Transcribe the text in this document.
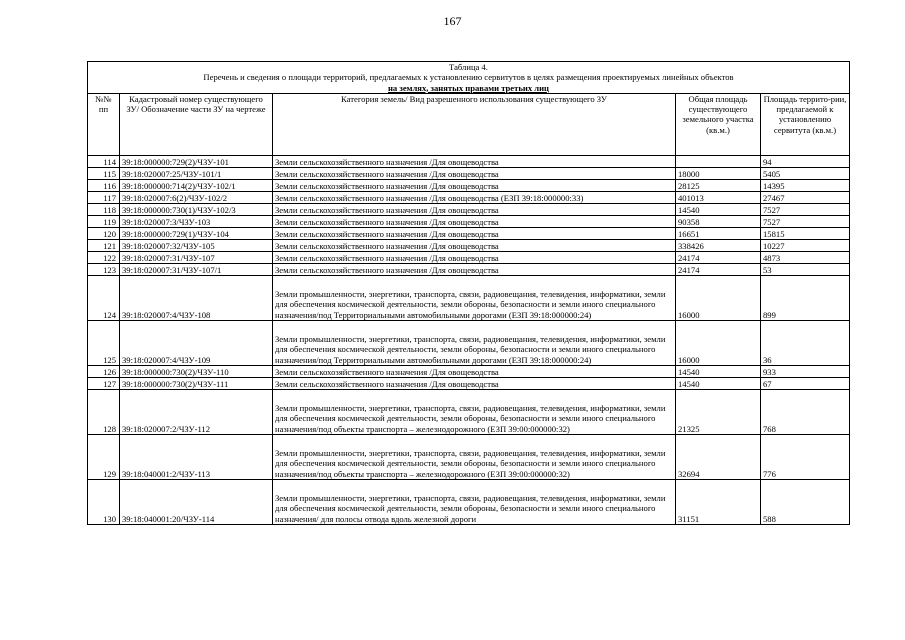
167
Таблица 4.
Перечень и сведения о площади территорий, предлагаемых к установлению сервитутов в целях размещения проектируемых линейных объектов
на землях, занятых правами третьих лиц				

№№ пп	Кадастровый номер существующего ЗУ/ Обозначение части ЗУ на чертеже	Категория земель/ Вид разрешенного использования существующего ЗУ	Общая площадь существующего земельного участка (кв.м.)	Площадь террито-рии, предлагаемой к установлению сервитута (кв.м.)
114	39:18:000000:729(2)/ЧЗУ-101	Земли сельскохозяйственного назначения /Для овощеводства		94
115	39:18:020007:25/ЧЗУ-101/1	Земли сельскохозяйственного назначения /Для овощеводства	18000	5405
116	39:18:000000:714(2)/ЧЗУ-102/1	Земли сельскохозяйственного назначения /Для овощеводства	28125	14395
117	39:18:020007:6(2)/ЧЗУ-102/2	Земли сельскохозяйственного назначения /Для овощеводства (ЕЗП 39:18:000000:33)	401013	27467
118	39:18:000000:730(1)/ЧЗУ-102/3	Земли сельскохозяйственного назначения /Для овощеводства	14540	7527
119	39:18:020007:3/ЧЗУ-103	Земли сельскохозяйственного назначения /Для овощеводства	90358	7527
120	39:18:000000:729(1)/ЧЗУ-104	Земли сельскохозяйственного назначения /Для овощеводства	16651	15815
121	39:18:020007:32/ЧЗУ-105	Земли сельскохозяйственного назначения /Для овощеводства	338426	10227
122	39:18:020007:31/ЧЗУ-107	Земли сельскохозяйственного назначения /Для овощеводства	24174	4873
123	39:18:020007:31/ЧЗУ-107/1	Земли сельскохозяйственного назначения /Для овощеводства	24174	53
124	39:18:020007:4/ЧЗУ-108	Земли промышленности, энергетики, транспорта, связи, радиовещания, телевидения, информатики, земли для обеспечения космической деятельности, земли обороны, безопасности и земли иного специального назначения/под Территориальными автомобильными дорогами (ЕЗП 39:18:000000:24)	16000	899
125	39:18:020007:4/ЧЗУ-109	Земли промышленности, энергетики, транспорта, связи, радиовещания, телевидения, информатики, земли для обеспечения космической деятельности, земли обороны, безопасности и земли иного специального назначения/под Территориальными автомобильными дорогами (ЕЗП 39:18:000000:24)	16000	36
126	39:18:000000:730(2)/ЧЗУ-110	Земли сельскохозяйственного назначения /Для овощеводства	14540	933
127	39:18:000000:730(2)/ЧЗУ-111	Земли сельскохозяйственного назначения /Для овощеводства	14540	67
128	39:18:020007:2/ЧЗУ-112	Земли промышленности, энергетики, транспорта, связи, радиовещания, телевидения, информатики, земли для обеспечения космической деятельности, земли обороны, безопасности и земли иного специального назначения/под объекты транспорта – железнодорожного (ЕЗП 39:00:000000:32)	21325	768
129	39:18:040001:2/ЧЗУ-113	Земли промышленности, энергетики, транспорта, связи, радиовещания, телевидения, информатики, земли для обеспечения космической деятельности, земли обороны, безопасности и земли иного специального назначения/под объекты транспорта – железнодорожного (ЕЗП 39:00:000000:32)	32694	776
130	39:18:040001:20/ЧЗУ-114	Земли промышленности, энергетики, транспорта, связи, радиовещания, телевидения, информатики, земли для обеспечения космической деятельности, земли обороны, безопасности и земли иного специального назначения/ для полосы отвода вдоль железной дороги	31151	588
